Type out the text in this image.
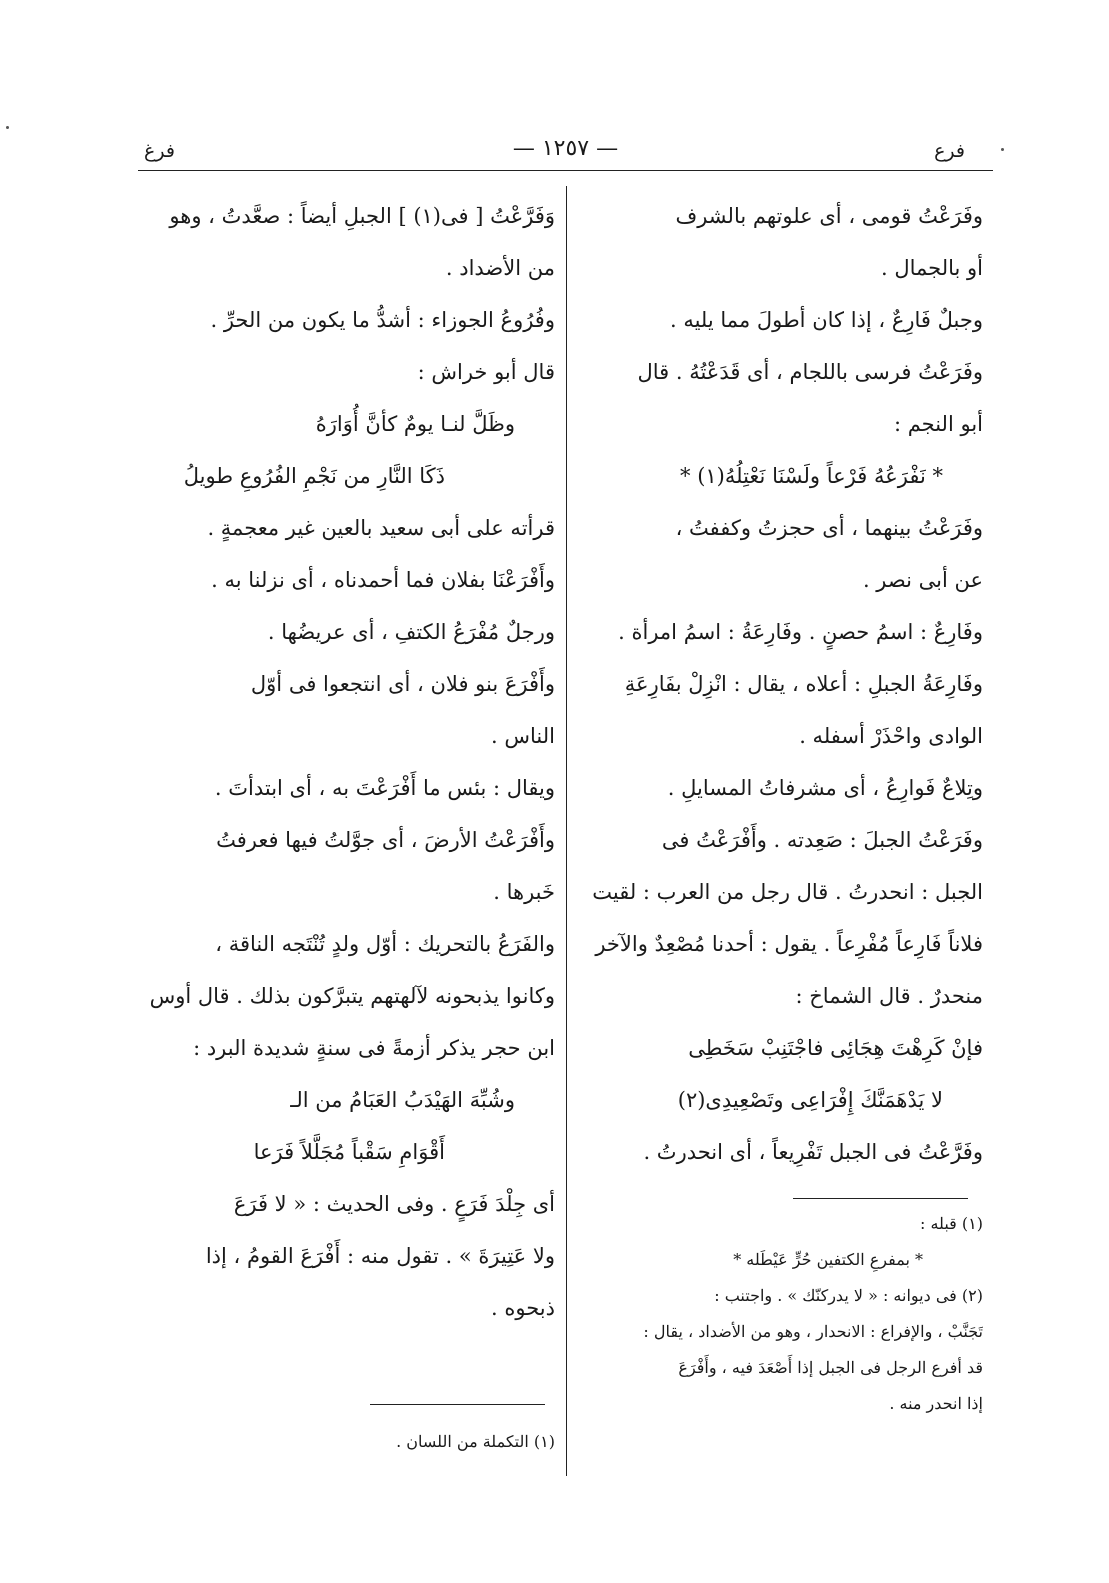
فرع
— ١٢٥٧ —
فرغ
وفَرَعْتُ قومى ، أى علوتهم بالشرف
أو بالجمال .
وجبلٌ فَارِعٌ ، إذا كان أطولَ مما يليه .
وفَرَعْتُ فرسى باللجام ، أى قَدَعْتُهُ . قال
أبو النجم :
* نَفْرَعُهُ فَرْعاً ولَسْنَا نَعْتِلُهُ(١) *
وفَرَعْتُ بينهما ، أى حجزتُ وكففتُ ،
عن أبى نصر .
وفَارِعٌ : اسمُ حصنٍ . وفَارِعَةُ : اسمُ امرأة .
وفَارِعَةُ الجبلِ : أعلاه ، يقال : انْزِلْ بفَارِعَةِ
الوادى واحْذَرْ أسفله .
وتِلاعٌ فَوارِعُ ، أى مشرفاتُ المسايلِ .
وفَرَعْتُ الجبلَ : صَعِدته . وأَفْرَعْتُ فى
الجبل : انحدرتُ . قال رجل من العرب : لقيت
فلاناً فَارِعاً مُفْرِعاً . يقول : أحدنا مُصْعِدٌ والآخر
منحدرٌ . قال الشماخ :
فإنْ كَرِهْتَ هِجَائِى فاجْتَنِبْ سَخَطِى
لا يَدْهَمَنَّكَ إِفْرَاعِى وتَصْعِيدِى(٢)
وفَرَّعْتُ فى الجبل تَفْرِيعاً ، أى انحدرتُ .
(١) قبله :
* بمفرعِ الكتفين حُرٍّ عَيْطَله *
(٢) فى ديوانه : « لا يدركنّك » . واجتنب :
تَجَنَّبْ ، والإفراع : الانحدار ، وهو من الأضداد ، يقال :
قد أفرع الرجل فى الجبل إذا أَصْعَدَ فيه ، وأَفْرَعَ
إذا انحدر منه .
وَفَرَّعْتُ [ فى(١) ] الجبلِ أيضاً : صعَّدتُ ، وهو
من الأضداد .
وفُرُوعُ الجوزاء : أشدُّ ما يكون من الحرِّ .
قال أبو خراش :
وظَلَّ لنـا يومٌ كأنَّ أُوَارَهُ
ذَكَا النَّارِ من نَجْمِ الفُرُوعِ طويلُ
قرأته على أبى سعيد بالعين غير معجمةٍ .
وأَفْرَعْنَا بفلان فما أحمدناه ، أى نزلنا به .
ورجلٌ مُفْرَعُ الكتفِ ، أى عريضُها .
وأَفْرَعَ بنو فلان ، أى انتجعوا فى أوّل
الناس .
ويقال : بئس ما أَفْرَعْتَ به ، أى ابتدأتَ .
وأَفْرَعْتُ الأرضَ ، أى جوَّلتُ فيها فعرفتُ
خَبرها .
والفَرَعُ بالتحريك : أوّل ولدٍ تُنْتَجه الناقة ،
وكانوا يذبحونه لآلهتهم يتبرَّكون بذلك . قال أوس
ابن حجر يذكر أزمةً فى سنةٍ شديدة البرد :
وشُبِّهَ الهَيْدَبُ العَبَامُ من الـ
أَقْوَامِ سَقْباً مُجَلَّلاً فَرَعا
أى جِلْدَ فَرَعٍ . وفى الحديث : « لا فَرَعَ
ولا عَتِيرَةَ » . تقول منه : أَفْرَعَ القومُ ، إذا
ذبحوه .
(١) التكملة من اللسان .
